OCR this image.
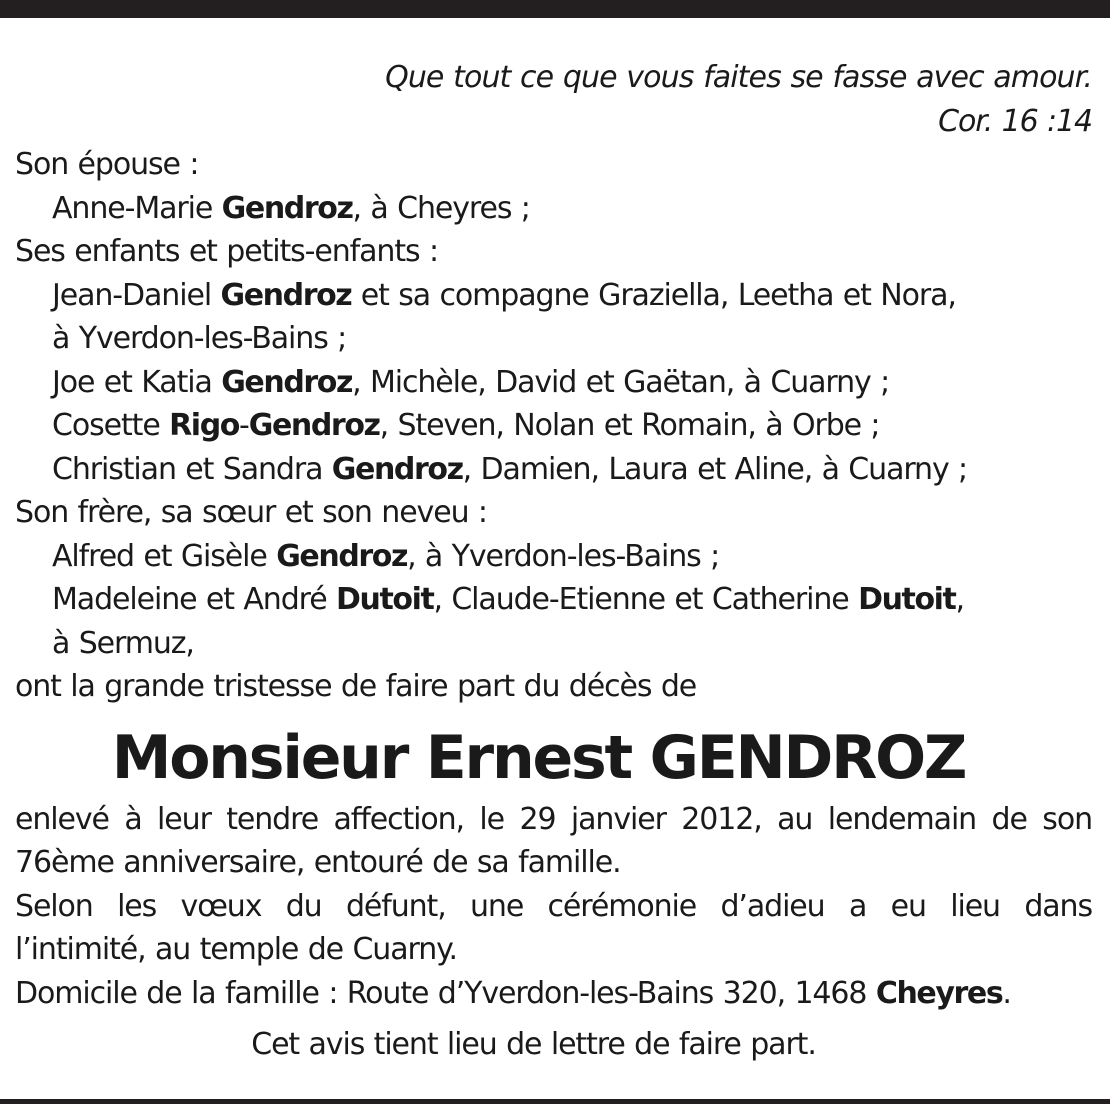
Que tout ce que vous faites se fasse avec amour.
Cor. 16 :14
Son épouse :
Anne-Marie Gendroz, à Cheyres ;
Ses enfants et petits-enfants :
Jean-Daniel Gendroz et sa compagne Graziella, Leetha et Nora,
à Yverdon-les-Bains ;
Joe et Katia Gendroz, Michèle, David et Gaëtan, à Cuarny ;
Cosette Rigo-Gendroz, Steven, Nolan et Romain, à Orbe ;
Christian et Sandra Gendroz, Damien, Laura et Aline, à Cuarny ;
Son frère, sa sœur et son neveu :
Alfred et Gisèle Gendroz, à Yverdon-les-Bains ;
Madeleine et André Dutoit, Claude-Etienne et Catherine Dutoit,
à Sermuz,
ont la grande tristesse de faire part du décès de
Monsieur Ernest GENDROZ
enlevé à leur tendre affection, le 29 janvier 2012, au lendemain de son
76ème anniversaire, entouré de sa famille.
Selon les vœux du défunt, une cérémonie d’adieu a eu lieu dans
l’intimité, au temple de Cuarny.
Domicile de la famille : Route d’Yverdon-les-Bains 320, 1468 Cheyres.
Cet avis tient lieu de lettre de faire part.
